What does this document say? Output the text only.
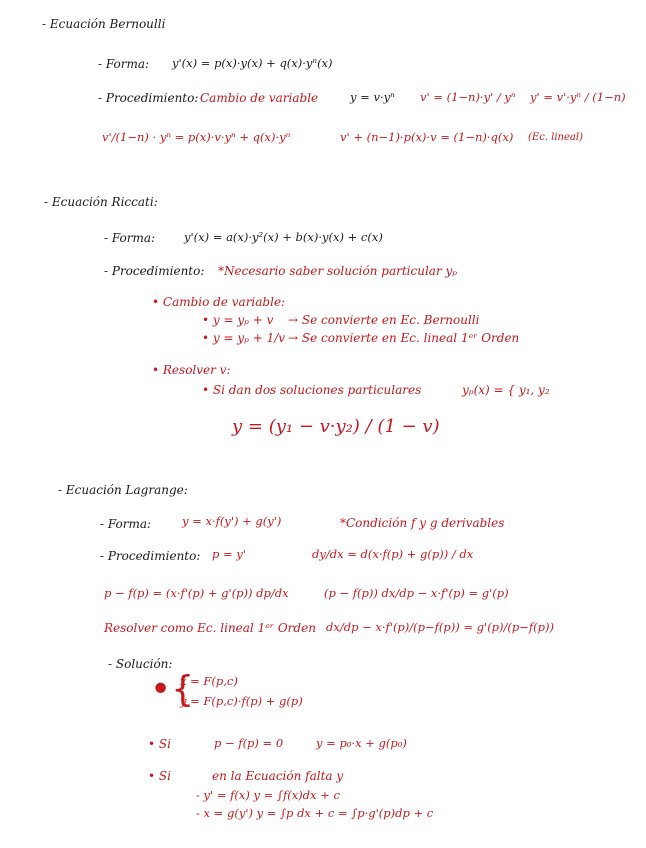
- Ecuación Bernoulli
- Forma: y'(x) = p(x)·y(x) + q(x)·yⁿ(x)
- Procedimiento: Cambio de variable	y = v·yⁿ v' = (1−n)·y' / yⁿ y' = v'·yⁿ / (1−n)
v'/(1−n) · yⁿ = p(x)·v·yⁿ + q(x)·yⁿ	v' + (n−1)·p(x)·v = (1−n)·q(x) (Ec. lineal)
- Ecuación Riccati:
- Forma:	y'(x) = a(x)·y²(x) + b(x)·y(x) + c(x)
- Procedimiento: *Necesario saber solución particular yₚ
• Cambio de variable:
• y = yₚ + v → Se convierte en Ec. Bernoulli
• y = yₚ + 1/v → Se convierte en Ec. lineal 1ᵉʳ Orden
• Resolver v:
• Si dan dos soluciones particulares	yₚ(x) = { y₁, y₂
y = (y₁ − v·y₂) / (1 − v)
- Ecuación Lagrange:
- Forma:	y = x·f(y') + g(y')	*Condición f y g derivables
- Procedimiento: p = y'	dy/dx = d(x·f(p) + g(p)) / dx
p − f(p) = (x·f'(p) + g'(p)) dp/dx	(p − f(p)) dx/dp − x·f'(p) = g'(p)
Resolver como Ec. lineal 1ᵉʳ Orden dx/dp − x·f'(p)/(p−f(p)) = g'(p)/(p−f(p))
- Solución:
•{
x = F(p,c)
y = F(p,c)·f(p) + g(p)
• Si	p − f(p) = 0	y = p₀·x + g(p₀)
• Si	en la Ecuación falta y
- y' = f(x) y = ∫f(x)dx + c
- x = g(y') y = ∫p dx + c = ∫p·g'(p)dp + c
